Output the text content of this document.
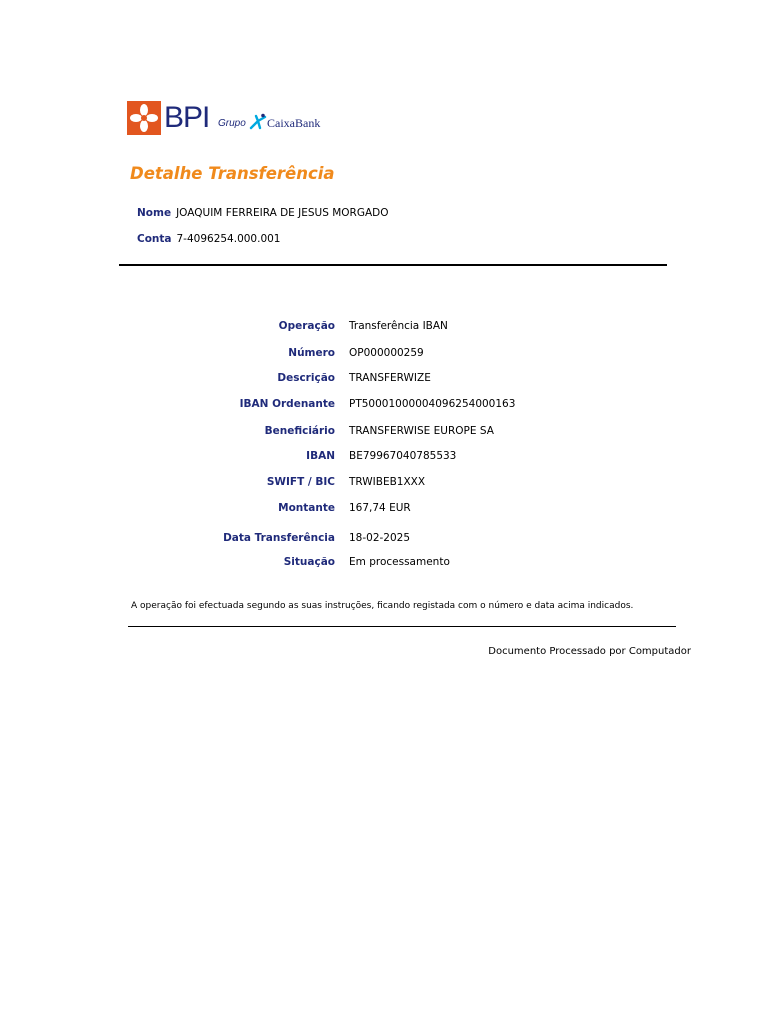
BPI Grupo CaixaBank
Detalhe Transferência
Nome JOAQUIM FERREIRA DE JESUS MORGADO
Conta 7-4096254.000.001
Operação Transferência IBAN
Número OP000000259
Descrição TRANSFERWIZE
IBAN Ordenante PT50001000004096254000163
Beneficiário TRANSFERWISE EUROPE SA
IBAN BE79967040785533
SWIFT / BIC TRWIBEB1XXX
Montante 167,74 EUR
Data Transferência 18-02-2025
Situação Em processamento
A operação foi efectuada segundo as suas instruções, ficando registada com o número e data acima indicados.
Documento Processado por Computador
